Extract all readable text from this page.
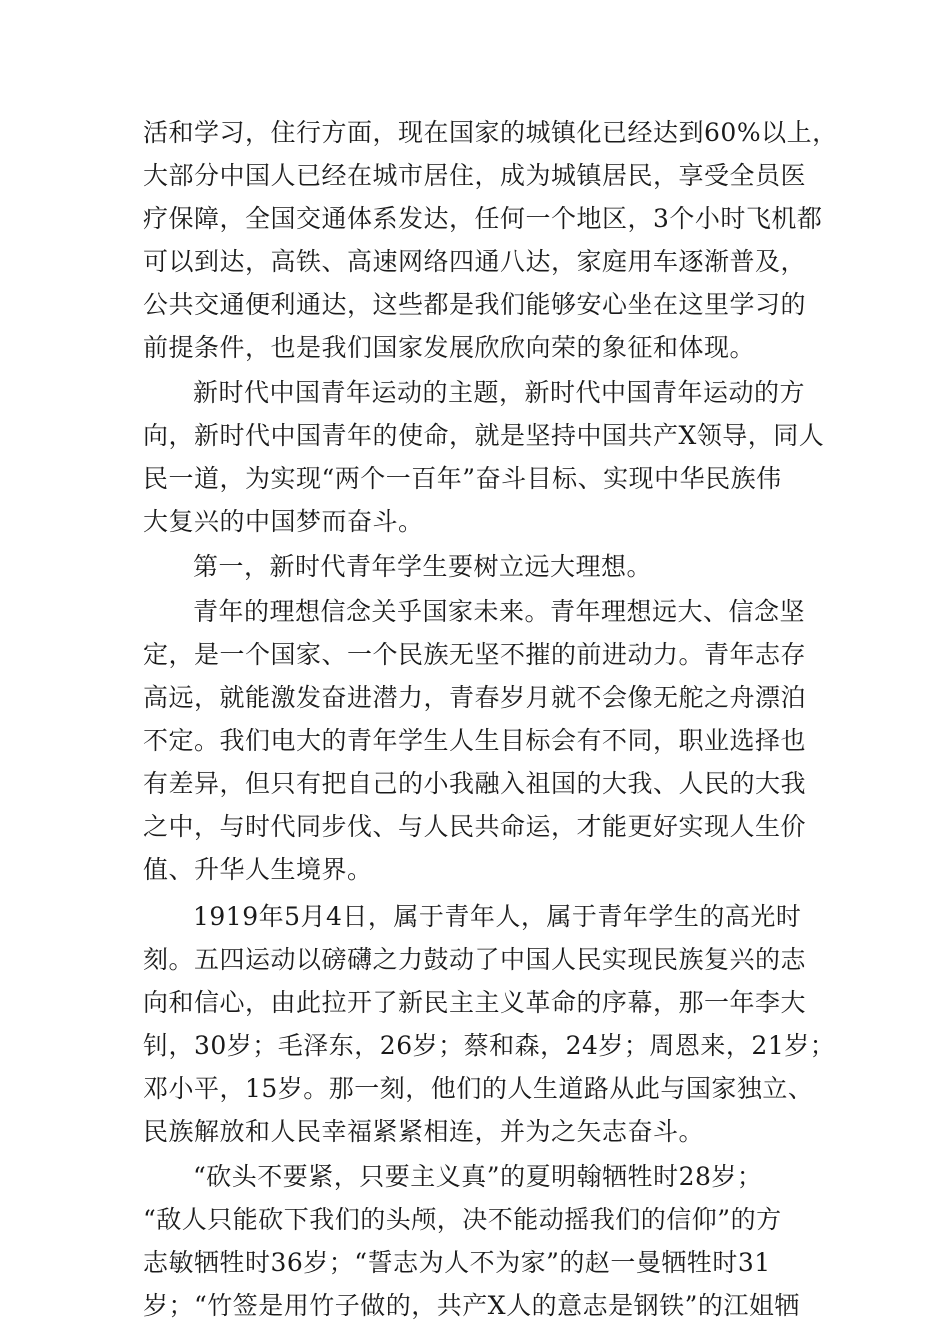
活和学习，住行方面，现在国家的城镇化已经达到60%以上，
大部分中国人已经在城市居住，成为城镇居民，享受全员医
疗保障，全国交通体系发达，任何一个地区，3个小时飞机都
可以到达，高铁、高速网络四通八达，家庭用车逐渐普及，
公共交通便利通达，这些都是我们能够安心坐在这里学习的
前提条件，也是我们国家发展欣欣向荣的象征和体现。
新时代中国青年运动的主题，新时代中国青年运动的方
向，新时代中国青年的使命，就是坚持中国共产X领导，同人
民一道，为实现“两个一百年”奋斗目标、实现中华民族伟
大复兴的中国梦而奋斗。
第一，新时代青年学生要树立远大理想。
青年的理想信念关乎国家未来。青年理想远大、信念坚
定，是一个国家、一个民族无坚不摧的前进动力。青年志存
高远，就能激发奋进潜力，青春岁月就不会像无舵之舟漂泊
不定。我们电大的青年学生人生目标会有不同，职业选择也
有差异，但只有把自己的小我融入祖国的大我、人民的大我
之中，与时代同步伐、与人民共命运，才能更好实现人生价
值、升华人生境界。
1919年5月4日，属于青年人，属于青年学生的高光时
刻。五四运动以磅礴之力鼓动了中国人民实现民族复兴的志
向和信心，由此拉开了新民主主义革命的序幕，那一年李大
钊，30岁；毛泽东，26岁；蔡和森，24岁；周恩来，21岁；
邓小平，15岁。那一刻，他们的人生道路从此与国家独立、
民族解放和人民幸福紧紧相连，并为之矢志奋斗。
“砍头不要紧，只要主义真”的夏明翰牺牲时28岁；
“敌人只能砍下我们的头颅，决不能动摇我们的信仰”的方
志敏牺牲时36岁；“誓志为人不为家”的赵一曼牺牲时31
岁；“竹签是用竹子做的，共产X人的意志是钢铁”的江姐牺
